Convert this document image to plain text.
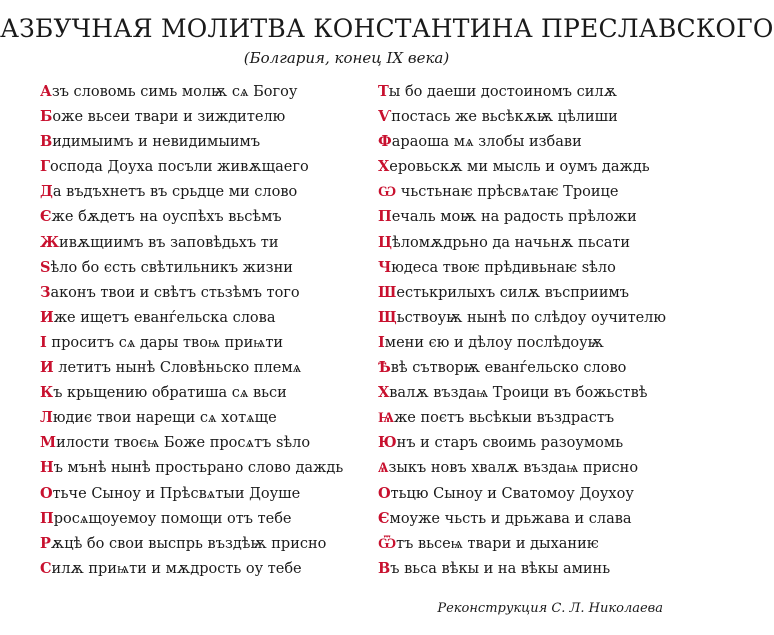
АЗБУЧНАЯ МОЛИТВА КОНСТАНТИНА ПРЕСЛАВСКОГО
(Болгария, конец IX века)
Азъ словомь симь молѭ сѧ Богоу
Боже вьсеи твари и зиждителю
Видимыимъ и невидимыимъ
Господа Доуха посъли живѫщаего
Да въдъхнетъ въ срьдце ми слово
Єже бѫдетъ на оуспѣхъ вьсѣмъ
Живѫщиимъ въ заповѣдьхъ ти
Ѕѣло бо єсть свѣтильникъ жизни
Законъ твои и свѣтъ стьзѣмъ того
Иже ищетъ еванѓельска слова
І проситъ сѧ дары твоѩ приѩти
И летитъ нынѣ Словѣньско племѧ
Къ крьщению обратиша сѧ вьси
Людиє твои нарещи сѧ хотѧще
Милости твоєѩ Боже просѧтъ ѕѣло
Нъ мънѣ нынѣ простьрано слово даждь
Отьче Сыноу и Прѣсвѧтыи Доуше
Просѧщоуемоу помощи отъ тебе
Рѫцѣ бо свои выспрь въздѣѭ присно
Силѫ приѩти и мѫдрость оу тебе
Ты бо даеши достоиномъ силѫ
Ѵпостась же вьсѣкѫѭ цѣлиши
Фараоша мѧ злобы избави
Херовьскѫ ми мысль и оумъ даждь
Ѡ чьстьнаѥ прѣсвѧтаѥ Троице
Печаль моѭ на радость прѣложи
Цѣломѫдрьно да начьнѫ пьсати
Чюдеса твоѥ прѣдивьнаѥ ѕѣло
Шестькрилыхъ силѫ въсприимъ
Щьствоуѭ нынѣ по слѣдоу оучителю
Імени єю и дѣлоу послѣдоуѭ
Ѣвѣ сътворѭ еванѓельско слово
Хвалѫ въздаѩ Троици въ божьствѣ
Ѩже поєтъ вьсѣкыи въздрастъ
Юнъ и старъ своимь разоумомь
Ѧзыкъ новъ хвалѫ въздаѩ присно
Отьцю Сыноу и Сватомоу Доухоу
Ємоуже чьсть и дрьжава и слава
Ѿтъ вьсеѩ твари и дыханиѥ
Въ вьса вѣкы и на вѣкы аминь
Реконструкция С. Л. Николаева
